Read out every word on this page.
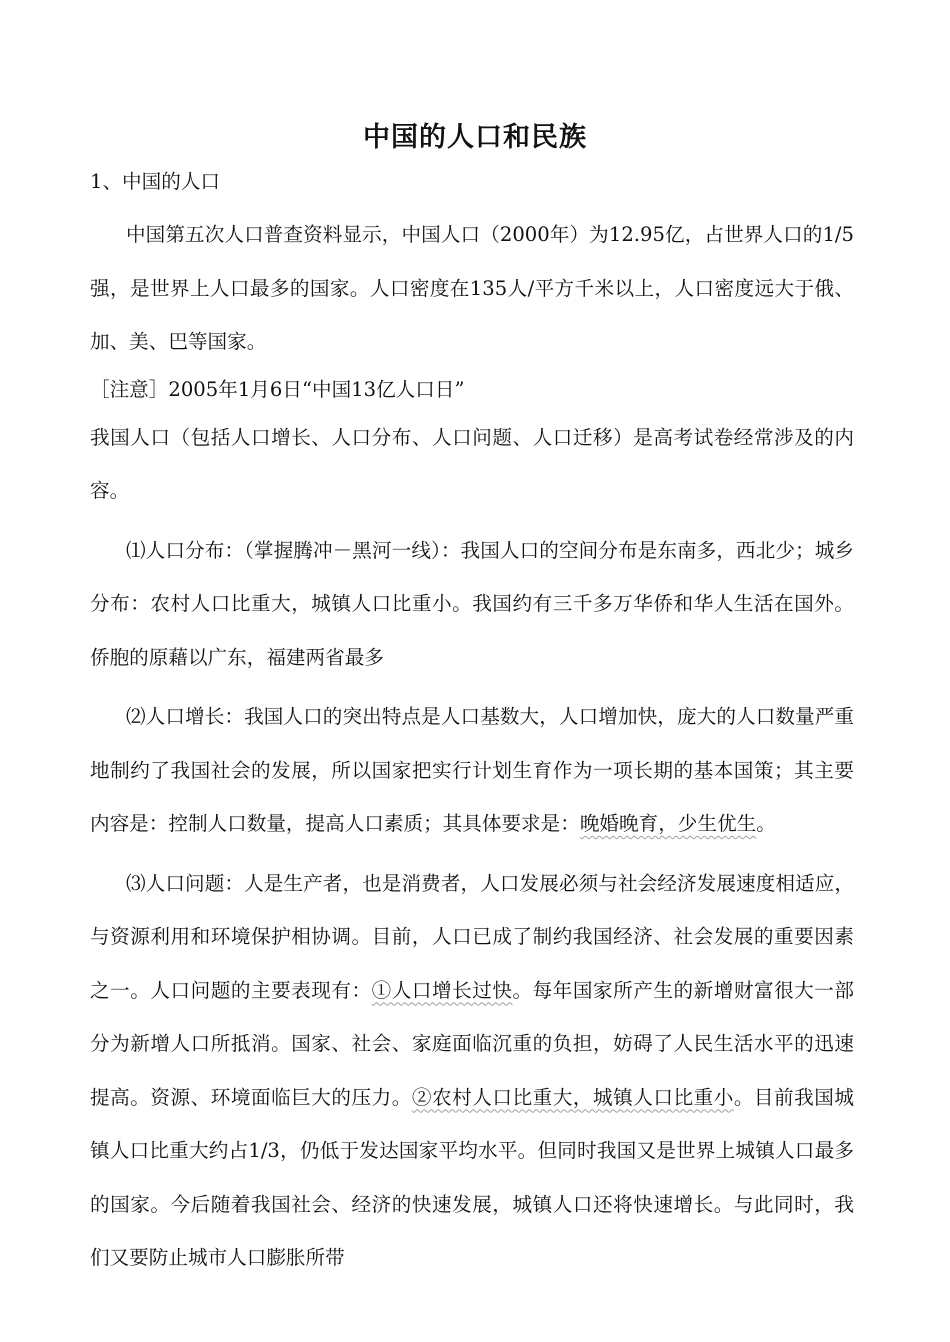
中国的人口和民族

1、中国的人口

中国第五次人口普查资料显示，中国人口（2000年）为12.95亿，占世界人口的1/5强，是世界上人口最多的国家。人口密度在135人/平方千米以上，人口密度远大于俄、加、美、巴等国家。

［注意］2005年1月6日“中国13亿人口日”

我国人口（包括人口增长、人口分布、人口问题、人口迁移）是高考试卷经常涉及的内容。

⑴人口分布：（掌握腾冲－黑河一线）：我国人口的空间分布是东南多，西北少；城乡分布：农村人口比重大，城镇人口比重小。我国约有三千多万华侨和华人生活在国外。侨胞的原藉以广东，福建两省最多

⑵人口增长：我国人口的突出特点是人口基数大，人口增加快，庞大的人口数量严重地制约了我国社会的发展，所以国家把实行计划生育作为一项长期的基本国策；其主要内容是：控制人口数量，提高人口素质；其具体要求是：晚婚晚育，少生优生。

⑶人口问题：人是生产者，也是消费者，人口发展必须与社会经济发展速度相适应，与资源利用和环境保护相协调。目前，人口已成了制约我国经济、社会发展的重要因素之一。人口问题的主要表现有：①人口增长过快。每年国家所产生的新增财富很大一部分为新增人口所抵消。国家、社会、家庭面临沉重的负担，妨碍了人民生活水平的迅速提高。资源、环境面临巨大的压力。②农村人口比重大，城镇人口比重小。目前我国城镇人口比重大约占1/3，仍低于发达国家平均水平。但同时我国又是世界上城镇人口最多的国家。今后随着我国社会、经济的快速发展，城镇人口还将快速增长。与此同时，我们又要防止城市人口膨胀所带
